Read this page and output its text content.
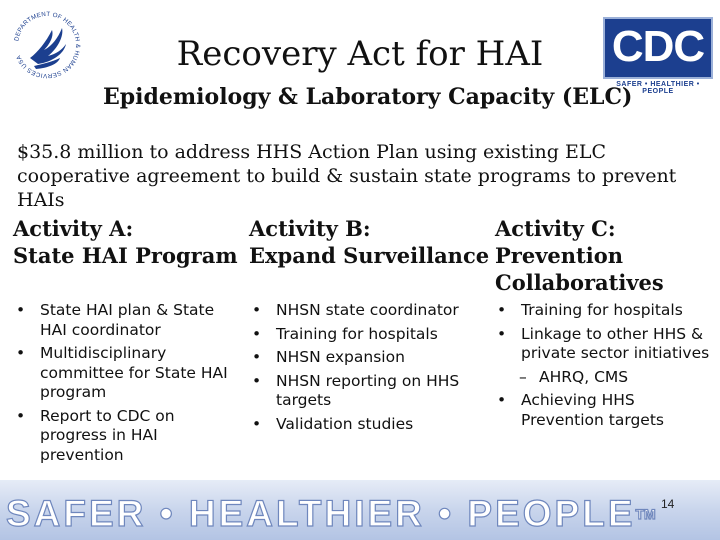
DEPARTMENT OF HEALTH & HUMAN SERVICES USA	CDC
SAFER • HEALTHIER • PEOPLE
Recovery Act for HAI
Epidemiology & Laboratory Capacity (ELC)
$35.8 million to address HHS Action Plan using existing ELC cooperative agreement to build & sustain state programs to prevent HAIs
Activity A:
State HAI Program
Activity B:
Expand Surveillance
Activity C:
Prevention
Collaboratives
• State HAI plan & State HAI coordinator
• Multidisciplinary committee for State HAI program
• Report to CDC on progress in HAI prevention
• NHSN state coordinator
• Training for hospitals
• NHSN expansion
• NHSN reporting on HHS targets
• Validation studies
• Training for hospitals
• Linkage to other HHS & private sector initiatives
– AHRQ, CMS
• Achieving HHS Prevention targets
SAFER • HEALTHIER • PEOPLE™
14
